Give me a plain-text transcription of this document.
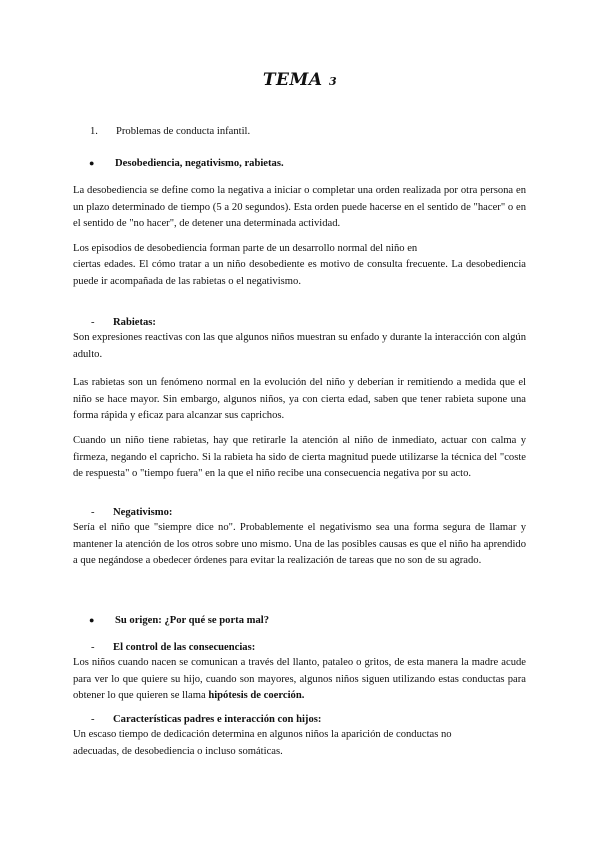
TEMA 3

1. Problemas de conducta infantil.

● Desobediencia, negativismo, rabietas.

La desobediencia se define como la negativa a iniciar o completar una orden realizada por otra persona en un plazo determinado de tiempo (5 a 20 segundos). Esta orden puede hacerse en el sentido de "hacer" o en el sentido de "no hacer", de detener una determinada actividad.

Los episodios de desobediencia forman parte de un desarrollo normal del niño en

ciertas edades. El cómo tratar a un niño desobediente es motivo de consulta frecuente. La desobediencia puede ir acompañada de las rabietas o el negativismo.

- Rabietas:

Son expresiones reactivas con las que algunos niños muestran su enfado y durante la interacción con algún adulto.

Las rabietas son un fenómeno normal en la evolución del niño y deberían ir remitiendo a medida que el niño se hace mayor. Sin embargo, algunos niños, ya con cierta edad, saben que tener rabieta supone una forma rápida y eficaz para alcanzar sus caprichos.

Cuando un niño tiene rabietas, hay que retirarle la atención al niño de inmediato, actuar con calma y firmeza, negando el capricho. Si la rabieta ha sido de cierta magnitud puede utilizarse la técnica del "coste de respuesta" o "tiempo fuera" en la que el niño recibe una consecuencia negativa por su acto.

- Negativismo:

Sería el niño que "siempre dice no". Probablemente el negativismo sea una forma segura de llamar y mantener la atención de los otros sobre uno mismo. Una de las posibles causas es que el niño ha aprendido a que negándose a obedecer órdenes para evitar la realización de tareas que no son de su agrado.

● Su origen: ¿Por qué se porta mal?

- El control de las consecuencias:

Los niños cuando nacen se comunican a través del llanto, pataleo o gritos, de esta manera la madre acude para ver lo que quiere su hijo, cuando son mayores, algunos niños siguen utilizando estas conductas para obtener lo que quieren se llama hipótesis de coerción.

- Características padres e interacción con hijos:

Un escaso tiempo de dedicación determina en algunos niños la aparición de conductas no

adecuadas, de desobediencia o incluso somáticas.
